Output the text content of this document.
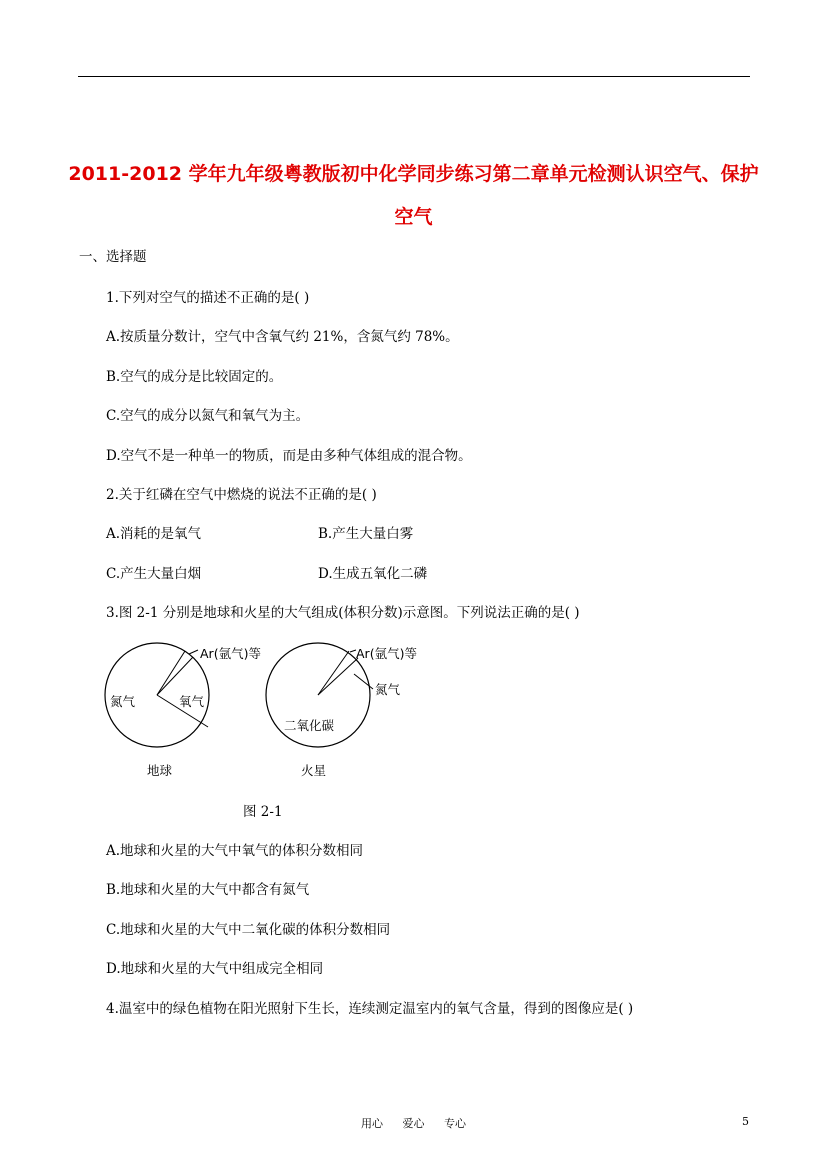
2011-2012 学年九年级粤教版初中化学同步练习第二章单元检测认识空气、保护
空气
一、选择题
1.下列对空气的描述不正确的是( )
A.按质量分数计，空气中含氧气约 21%，含氮气约 78%。
B.空气的成分是比较固定的。
C.空气的成分以氮气和氧气为主。
D.空气不是一种单一的物质，而是由多种气体组成的混合物。
2.关于红磷在空气中燃烧的说法不正确的是( )
A.消耗的是氧气	B.产生大量白雾
C.产生大量白烟	D.生成五氧化二磷
3.图 2-1 分别是地球和火星的大气组成(体积分数)示意图。下列说法正确的是( )
氮气	氧气
Ar(氩气)等
地球
二氧化碳
氮气
Ar(氩气)等
火星
图 2-1
A.地球和火星的大气中氧气的体积分数相同
B.地球和火星的大气中都含有氮气
C.地球和火星的大气中二氧化碳的体积分数相同
D.地球和火星的大气中组成完全相同
4.温室中的绿色植物在阳光照射下生长，连续测定温室内的氧气含量，得到的图像应是( )
用心 爱心 专心	5
